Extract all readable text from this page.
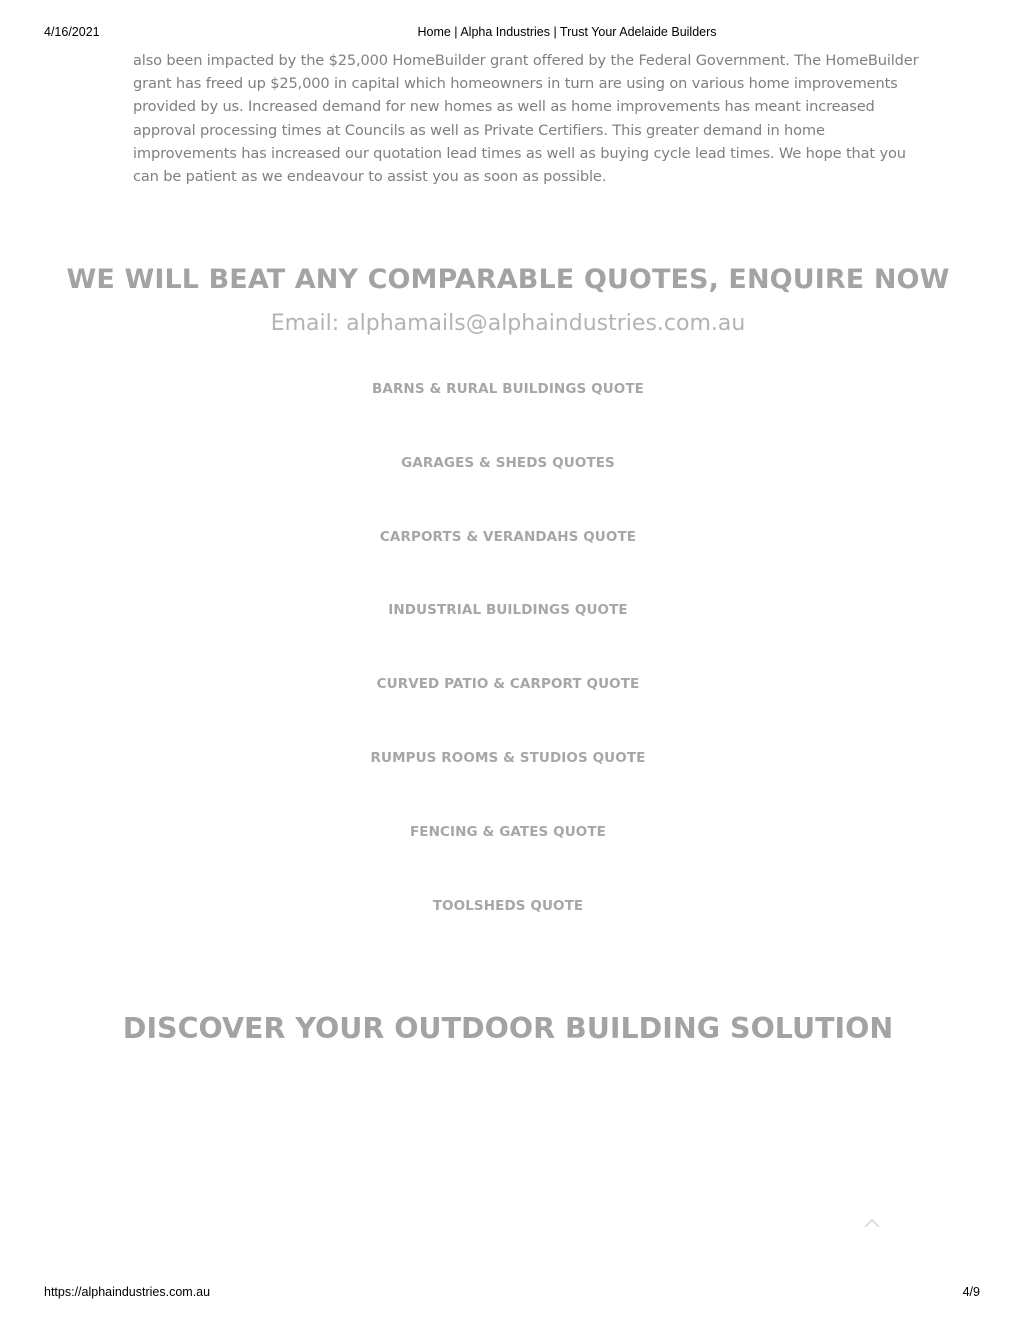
4/16/2021	Home | Alpha Industries | Trust Your Adelaide Builders

also been impacted by the $25,000 HomeBuilder grant offered by the Federal Government. The HomeBuilder

grant has freed up $25,000 in capital which homeowners in turn are using on various home improvements

provided by us. Increased demand for new homes as well as home improvements has meant increased

approval processing times at Councils as well as Private Certifiers. This greater demand in home

improvements has increased our quotation lead times as well as buying cycle lead times. We hope that you

can be patient as we endeavour to assist you as soon as possible.

WE WILL BEAT ANY COMPARABLE QUOTES, ENQUIRE NOW
Email: alphamails@alphaindustries.com.au
BARNS & RURAL BUILDINGS QUOTE
GARAGES & SHEDS QUOTES
CARPORTS & VERANDAHS QUOTE
INDUSTRIAL BUILDINGS QUOTE
CURVED PATIO & CARPORT QUOTE
RUMPUS ROOMS & STUDIOS QUOTE
FENCING & GATES QUOTE
TOOLSHEDS QUOTE
DISCOVER YOUR OUTDOOR BUILDING SOLUTION
https://alphaindustries.com.au	4/9
